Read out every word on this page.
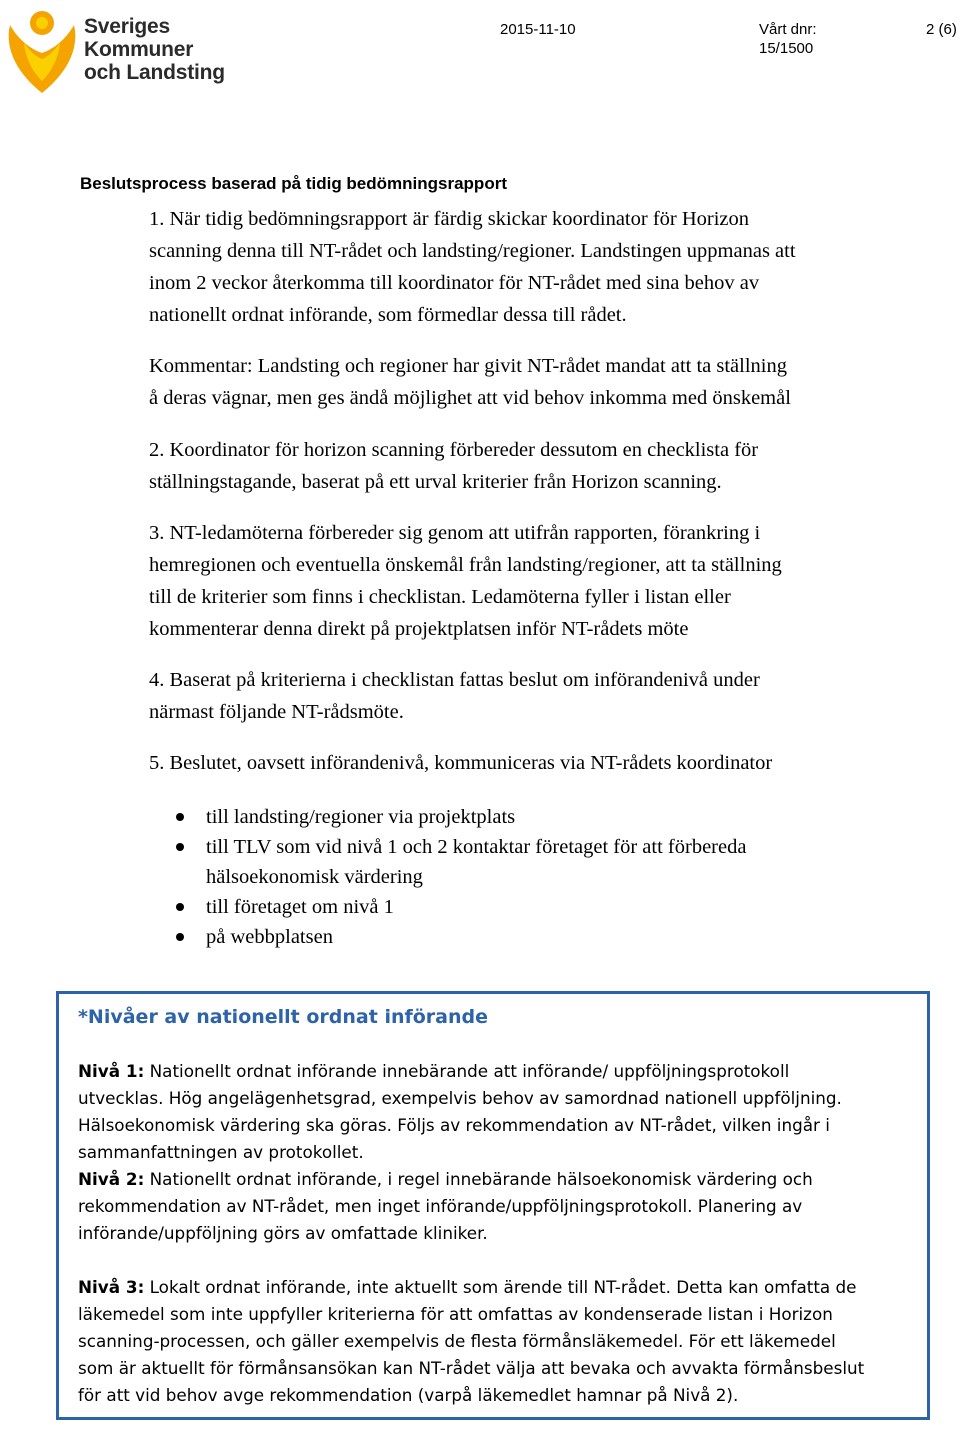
Sveriges
Kommuner
och Landsting
2015-11-10	Vårt dnr:
15/1500
2 (6)
Beslutsprocess baserad på tidig bedömningsrapport
1. När tidig bedömningsrapport är färdig skickar koordinator för Horizon
scanning denna till NT-rådet och landsting/regioner. Landstingen uppmanas att
inom 2 veckor återkomma till koordinator för NT-rådet med sina behov av
nationellt ordnat införande, som förmedlar dessa till rådet.
Kommentar: Landsting och regioner har givit NT-rådet mandat att ta ställning
å deras vägnar, men ges ändå möjlighet att vid behov inkomma med önskemål
2. Koordinator för horizon scanning förbereder dessutom en checklista för
ställningstagande, baserat på ett urval kriterier från Horizon scanning.
3. NT-ledamöterna förbereder sig genom att utifrån rapporten, förankring i
hemregionen och eventuella önskemål från landsting/regioner, att ta ställning
till de kriterier som finns i checklistan. Ledamöterna fyller i listan eller
kommenterar denna direkt på projektplatsen inför NT-rådets möte
4. Baserat på kriterierna i checklistan fattas beslut om införandenivå under
närmast följande NT-rådsmöte.
5. Beslutet, oavsett införandenivå, kommuniceras via NT-rådets koordinator
till landsting/regioner via projektplats
till TLV som vid nivå 1 och 2 kontaktar företaget för att förbereda
hälsoekonomisk värdering
till företaget om nivå 1
på webbplatsen
*Nivåer av nationellt ordnat införande
Nivå 1: Nationellt ordnat införande innebärande att införande/ uppföljningsprotokoll
utvecklas. Hög angelägenhetsgrad, exempelvis behov av samordnad nationell uppföljning.
Hälsoekonomisk värdering ska göras. Följs av rekommendation av NT-rådet, vilken ingår i
sammanfattningen av protokollet.
Nivå 2: Nationellt ordnat införande, i regel innebärande hälsoekonomisk värdering och
rekommendation av NT-rådet, men inget införande/uppföljningsprotokoll. Planering av
införande/uppföljning görs av omfattade kliniker.
Nivå 3: Lokalt ordnat införande, inte aktuellt som ärende till NT-rådet. Detta kan omfatta de
läkemedel som inte uppfyller kriterierna för att omfattas av kondenserade listan i Horizon
scanning-processen, och gäller exempelvis de flesta förmånsläkemedel. För ett läkemedel
som är aktuellt för förmånsansökan kan NT-rådet välja att bevaka och avvakta förmånsbeslut
för att vid behov avge rekommendation (varpå läkemedlet hamnar på Nivå 2).
